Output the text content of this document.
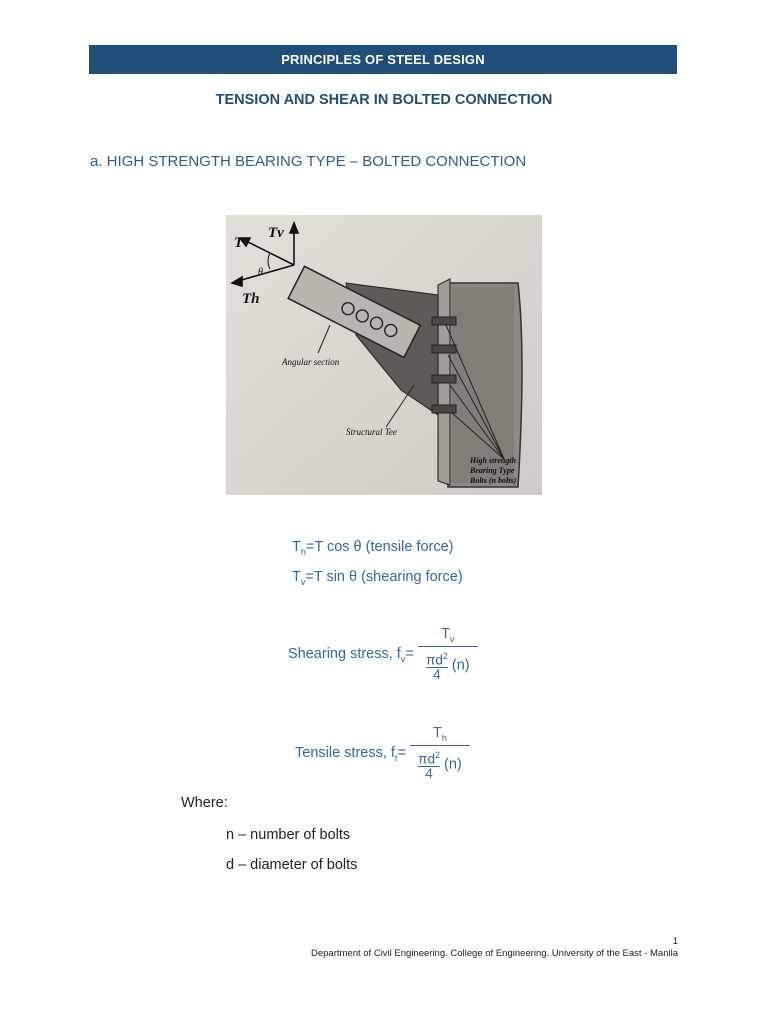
PRINCIPLES OF STEEL DESIGN
TENSION AND SHEAR IN BOLTED CONNECTION
a. HIGH STRENGTH BEARING TYPE – BOLTED CONNECTION
T
Tv
θ
Th
Angular section
Structural Tee
High strength
Bearing Type
Bolts (n bolts)
$T_h=T$ cos θ (tensile force)
$T_v=T$ sin θ (shearing force)
Shearing stress, $f_v= \frac{T_v}{\frac{\pi d^2}{4} (n)}$
Tensile stress, $f_t= \frac{T_h}{\frac{\pi d^2}{4} (n)}$
Where:
n – number of bolts
d – diameter of bolts
1
Department of Civil Engineering. College of Engineering. University of the East - Manila
